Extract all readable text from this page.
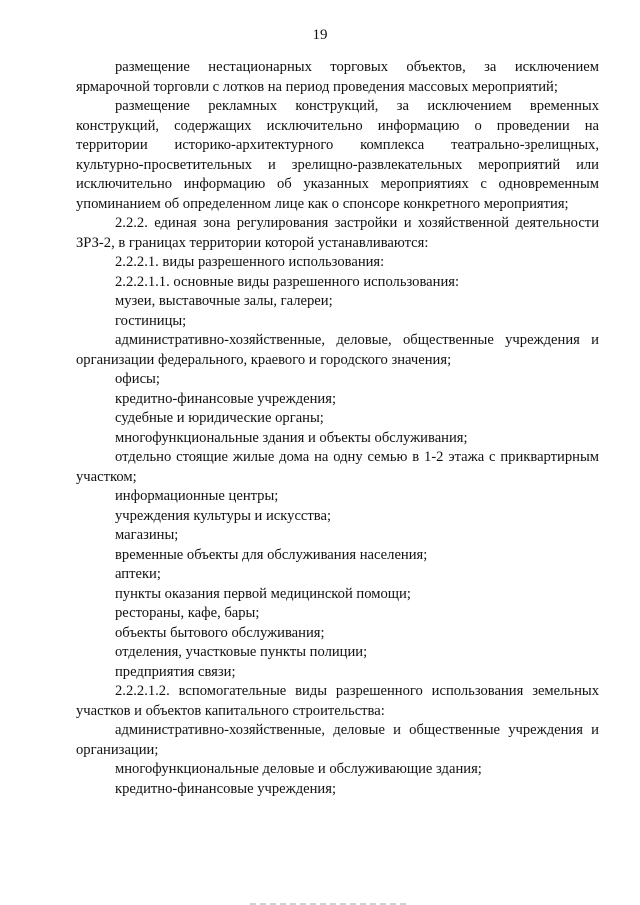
19

размещение нестационарных торговых объектов, за исключением ярмарочной торговли с лотков на период проведения массовых мероприятий;

размещение рекламных конструкций, за исключением временных конструкций, содержащих исключительно информацию о проведении на территории историко-архитектурного комплекса театрально-зрелищных, культурно-просветительных и зрелищно-развлекательных мероприятий или исключительно информацию об указанных мероприятиях с одновременным упоминанием об определенном лице как о спонсоре конкретного мероприятия;

2.2.2. единая зона регулирования застройки и хозяйственной деятельности ЗРЗ-2, в границах территории которой устанавливаются:

2.2.2.1. виды разрешенного использования:

2.2.2.1.1. основные виды разрешенного использования:

музеи, выставочные залы, галереи;

гостиницы;

административно-хозяйственные, деловые, общественные учреждения и организации федерального, краевого и городского значения;

офисы;

кредитно-финансовые учреждения;

судебные и юридические органы;

многофункциональные здания и объекты обслуживания;

отдельно стоящие жилые дома на одну семью в 1-2 этажа с приквартирным участком;

информационные центры;

учреждения культуры и искусства;

магазины;

временные объекты для обслуживания населения;

аптеки;

пункты оказания первой медицинской помощи;

рестораны, кафе, бары;

объекты бытового обслуживания;

отделения, участковые пункты полиции;

предприятия связи;

2.2.2.1.2. вспомогательные виды разрешенного использования земельных участков и объектов капитального строительства:

административно-хозяйственные, деловые и общественные учреждения и организации;

многофункциональные деловые и обслуживающие здания;

кредитно-финансовые учреждения;
